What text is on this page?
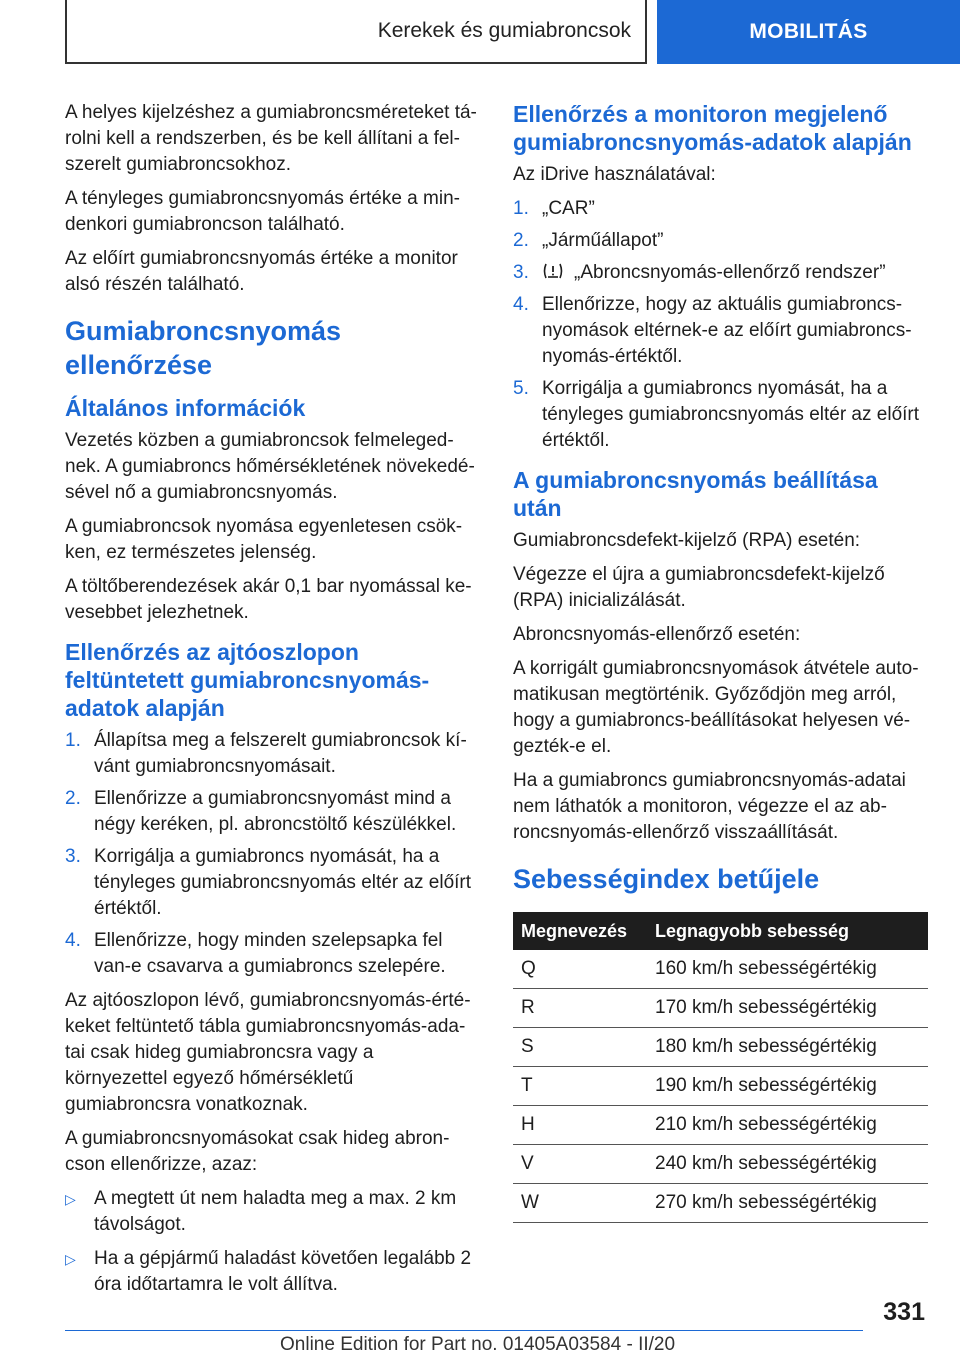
Kerekek és gumiabroncsok	MOBILITÁS

A helyes kijelzéshez a gumiabroncsméreteket tárolni kell a rendszerben, és be kell állítani a felszerelt gumiabroncsokhoz.

A tényleges gumiabroncsnyomás értéke a mindenkori gumiabroncson található.

Az előírt gumiabroncsnyomás értéke a monitor alsó részén található.

Gumiabroncsnyomás ellenőrzése
Általános információk

Vezetés közben a gumiabroncsok felmelegednek. A gumiabroncs hőmérsékletének növekedésével nő a gumiabroncsnyomás.

A gumiabroncsok nyomása egyenletesen csökken, ez természetes jelenség.

A töltőberendezések akár 0,1 bar nyomással kevesebbet jelezhetnek.

Ellenőrzés az ajtóoszlopon feltüntetett gumiabroncsnyomásadatok alapján
1. Állapítsa meg a felszerelt gumiabroncsok kívánt gumiabroncsnyomásait.
2. Ellenőrizze a gumiabroncsnyomást mind a négy keréken, pl. abroncstöltő készülékkel.
3. Korrigálja a gumiabroncs nyomását, ha a tényleges gumiabroncsnyomás eltér az előírt értéktől.
4. Ellenőrizze, hogy minden szelepsapka fel van-e csavarva a gumiabroncs szelepére.

Az ajtóoszlopon lévő, gumiabroncsnyomás-értékeket feltüntető tábla gumiabroncsnyomás-adatai csak hideg gumiabroncsra vagy a környezettel egyező hőmérsékletű gumiabroncsra vonatkoznak.

A gumiabroncsnyomásokat csak hideg abroncson ellenőrizze, azaz:

▷ A megtett út nem haladta meg a max. 2 km távolságot.
▷ Ha a gépjármű haladást követően legalább 2 óra időtartamra le volt állítva.
Ellenőrzés a monitoron megjelenő gumiabroncsnyomás-adatok alapján

Az iDrive használatával:

1. „CAR”
2. „Járműállapot”
3.	„Abroncsnyomás-ellenőrző rendszer”
4. Ellenőrizze, hogy az aktuális gumiabroncsnyomások eltérnek-e az előírt gumiabroncsnyomás-értéktől.
5. Korrigálja a gumiabroncs nyomását, ha a tényleges gumiabroncsnyomás eltér az előírt értéktől.
A gumiabroncsnyomás beállítása után

Gumiabroncsdefekt-kijelző (RPA) esetén:

Végezze el újra a gumiabroncsdefekt-kijelző (RPA) inicializálását.

Abroncsnyomás-ellenőrző esetén:

A korrigált gumiabroncsnyomások átvétele automatikusan megtörténik. Győződjön meg arról, hogy a gumiabroncs-beállításokat helyesen végezték-e el.

Ha a gumiabroncs gumiabroncsnyomás-adatai nem láthatók a monitoron, végezze el az abroncsnyomás-ellenőrző visszaállítását.

Sebességindex betűjele
Megnevezés	Legnagyobb sebesség
Q	160 km/h sebességértékig
R	170 km/h sebességértékig
S	180 km/h sebességértékig
T	190 km/h sebességértékig
H	210 km/h sebességértékig
V	240 km/h sebességértékig
W	270 km/h sebességértékig
331
Online Edition for Part no. 01405A03584 - II/20
